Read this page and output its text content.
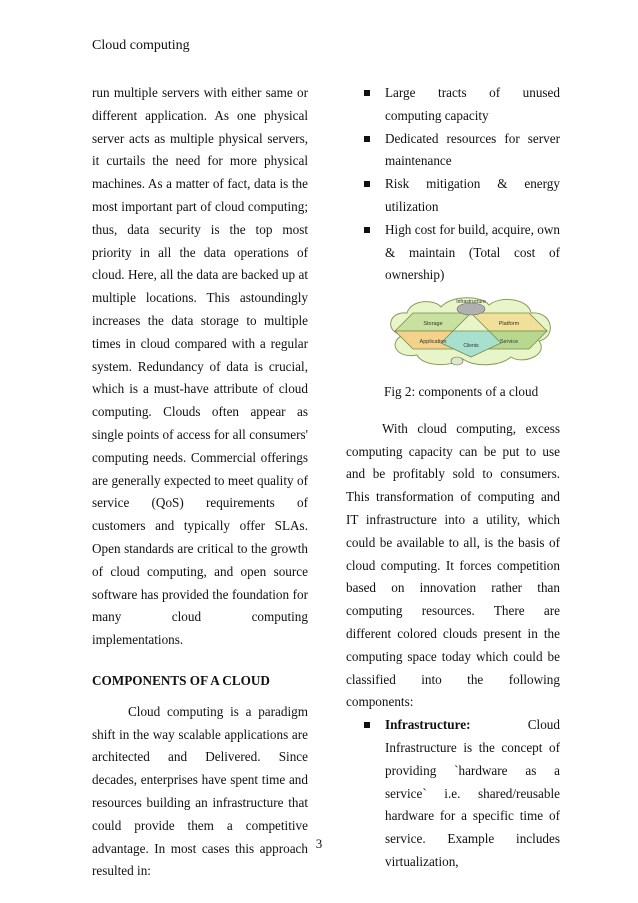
Cloud computing

run multiple servers with either same or different application. As one physical server acts as multiple physical servers, it curtails the need for more physical machines. As a matter of fact, data is the most important part of cloud computing; thus, data security is the top most priority in all the data operations of cloud. Here, all the data are backed up at multiple locations. This astoundingly increases the data storage to multiple times in cloud compared with a regular system. Redundancy of data is crucial, which is a must-have attribute of cloud computing. Clouds often appear as single points of access for all consumers' computing needs. Commercial offerings are generally expected to meet quality of service (QoS) requirements of customers and typically offer SLAs. Open standards are critical to the growth of cloud computing, and open source software has provided the foundation for many cloud computing implementations.

COMPONENTS OF A CLOUD

Cloud computing is a paradigm shift in the way scalable applications are architected and Delivered. Since decades, enterprises have spent time and resources building an infrastructure that could provide them a competitive advantage. In most cases this approach resulted in:

Large tracts of unused computing capacity
Dedicated resources for server maintenance
Risk mitigation & energy utilization
High cost for build, acquire, own & maintain (Total cost of ownership)
Infrastructure
Storage	Platform
Application	Service
Clients

Fig 2: components of a cloud

With cloud computing, excess computing capacity can be put to use and be profitably sold to consumers. This transformation of computing and IT infrastructure into a utility, which could be available to all, is the basis of cloud computing. It forces competition based on innovation rather than computing resources. There are different colored clouds present in the computing space today which could be classified into the following components:

Infrastructure:	Cloud Infrastructure is the concept of providing `hardware as a service` i.e. shared/reusable hardware for a specific time of service. Example includes virtualization,
3
